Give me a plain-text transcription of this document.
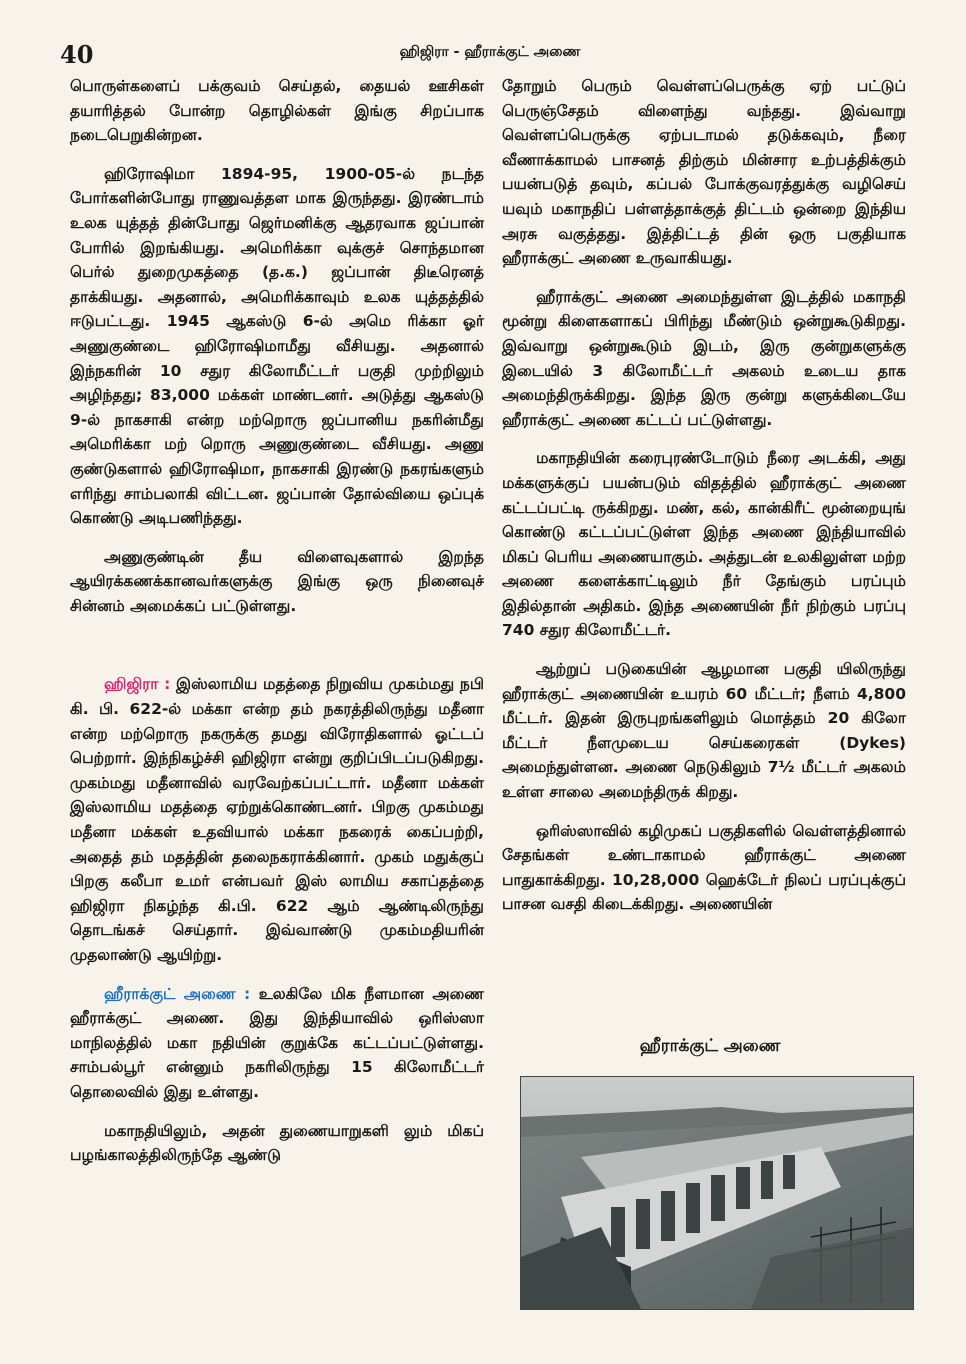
40	ஹிஜிரா - ஹீராக்குட் அணை

பொருள்களைப் பக்குவம் செய்தல், தையல் ஊசிகள் தயாரித்தல் போன்ற தொழில்கள் இங்கு சிறப்பாக நடைபெறுகின்றன.

ஹிரோஷிமா 1894-95, 1900-05-ல் நடந்த போர்களின்போது ராணுவத்தள மாக இருந்தது. இரண்டாம் உலக யுத்தத் தின்போது ஜெர்மனிக்கு ஆதரவாக ஜப்பான் போரில் இறங்கியது. அமெரிக்கா வுக்குச் சொந்தமான பெர்ல் துறைமுகத்தை (த.க.) ஜப்பான் திடீரெனத் தாக்கியது. அதனால், அமெரிக்காவும் உலக யுத்தத்தில் ஈடுபட்டது. 1945 ஆகஸ்டு 6-ல் அமெ ரிக்கா ஓர் அணுகுண்டை ஹிரோஷிமாமீது வீசியது. அதனால் இந்நகரின் 10 சதுர கிலோமீட்டர் பகுதி முற்றிலும் அழிந்தது; 83,000 மக்கள் மாண்டனர். அடுத்து ஆகஸ்டு 9-ல் நாகசாகி என்ற மற்றொரு ஜப்பானிய நகரின்மீது அமெரிக்கா மற் றொரு அணுகுண்டை வீசியது. அணு குண்டுகளால் ஹிரோஷிமா, நாகசாகி இரண்டு நகரங்களும் எரிந்து சாம்பலாகி விட்டன. ஜப்பான் தோல்வியை ஒப்புக் கொண்டு அடிபணிந்தது.

அணுகுண்டின் தீய விளைவுகளால் இறந்த ஆயிரக்கணக்கானவர்களுக்கு இங்கு ஒரு நினைவுச் சின்னம் அமைக்கப் பட்டுள்ளது.

ஹிஜிரா : இஸ்லாமிய மதத்தை நிறுவிய முகம்மது நபி கி. பி. 622-ல் மக்கா என்ற தம் நகரத்திலிருந்து மதீனா என்ற மற்றொரு நகருக்கு தமது விரோதிகளால் ஓட்டப் பெற்றார். இந்நிகழ்ச்சி ஹிஜிரா என்று குறிப்பிடப்படுகிறது. முகம்மது மதீனாவில் வரவேற்கப்பட்டார். மதீனா மக்கள் இஸ்லாமிய மதத்தை ஏற்றுக்கொண்டனர். பிறகு முகம்மது மதீனா மக்கள் உதவியால் மக்கா நகரைக் கைப்பற்றி, அதைத் தம் மதத்தின் தலைநகராக்கினார். முகம் மதுக்குப் பிறகு கலீபா உமர் என்பவர் இஸ் லாமிய சகாப்தத்தை ஹிஜிரா நிகழ்ந்த கி.பி. 622 ஆம் ஆண்டிலிருந்து தொடங்கச் செய்தார். இவ்வாண்டு முகம்மதியரின் முதலாண்டு ஆயிற்று.

ஹீராக்குட் அணை : உலகிலே மிக நீளமான அணை ஹீராக்குட் அணை. இது இந்தியாவில் ஒரிஸ்ஸா மாநிலத்தில் மகா நதியின் குறுக்கே கட்டப்பட்டுள்ளது. சாம்பல்பூர் என்னும் நகரிலிருந்து 15 கிலோமீட்டர் தொலைவில் இது உள்ளது.

மகாநதியிலும், அதன் துணையாறுகளி லும் மிகப் பழங்காலத்திலிருந்தே ஆண்டு

தோறும் பெரும் வெள்ளப்பெருக்கு ஏற் பட்டுப் பெருஞ்சேதம் விளைந்து வந்தது. இவ்வாறு வெள்ளப்பெருக்கு ஏற்படாமல் தடுக்கவும், நீரை வீணாக்காமல் பாசனத் திற்கும் மின்சார உற்பத்திக்கும் பயன்படுத் தவும், கப்பல் போக்குவரத்துக்கு வழிசெய் யவும் மகாநதிப் பள்ளத்தாக்குத் திட்டம் ஒன்றை இந்திய அரசு வகுத்தது. இத்திட்டத் தின் ஒரு பகுதியாக ஹீராக்குட் அணை உருவாகியது.

ஹீராக்குட் அணை அமைந்துள்ள இடத்தில் மகாநதி மூன்று கிளைகளாகப் பிரிந்து மீண்டும் ஒன்றுகூடுகிறது. இவ்வாறு ஒன்றுகூடும் இடம், இரு குன்றுகளுக்கு இடையில் 3 கிலோமீட்டர் அகலம் உடைய தாக அமைந்திருக்கிறது. இந்த இரு குன்று களுக்கிடையே ஹீராக்குட் அணை கட்டப் பட்டுள்ளது.

மகாநதியின் கரைபுரண்டோடும் நீரை அடக்கி, அது மக்களுக்குப் பயன்படும் விதத்தில் ஹீராக்குட் அணை கட்டப்பட்டி ருக்கிறது. மண், கல், கான்கிரீட் மூன்றையுங் கொண்டு கட்டப்பட்டுள்ள இந்த அணை இந்தியாவில் மிகப் பெரிய அணையாகும். அத்துடன் உலகிலுள்ள மற்ற அணை களைக்காட்டிலும் நீர் தேங்கும் பரப்பும் இதில்தான் அதிகம். இந்த அணையின் நீர் நிற்கும் பரப்பு 740 சதுர கிலோமீட்டர்.

ஆற்றுப் படுகையின் ஆழமான பகுதி யிலிருந்து ஹீராக்குட் அணையின் உயரம் 60 மீட்டர்; நீளம் 4,800 மீட்டர். இதன் இருபுறங்களிலும் மொத்தம் 20 கிலோ மீட்டர் நீளமுடைய செய்கரைகள் (Dykes) அமைந்துள்ளன. அணை நெடுகிலும் 7½ மீட்டர் அகலம் உள்ள சாலை அமைந்திருக் கிறது.

ஒரிஸ்ஸாவில் கழிமுகப் பகுதிகளில் வெள்ளத்தினால் சேதங்கள் உண்டாகாமல் ஹீராக்குட் அணை பாதுகாக்கிறது. 10,28,000 ஹெக்டேர் நிலப் பரப்புக்குப் பாசன வசதி கிடைக்கிறது. அணையின்

ஹீராக்குட் அணை
